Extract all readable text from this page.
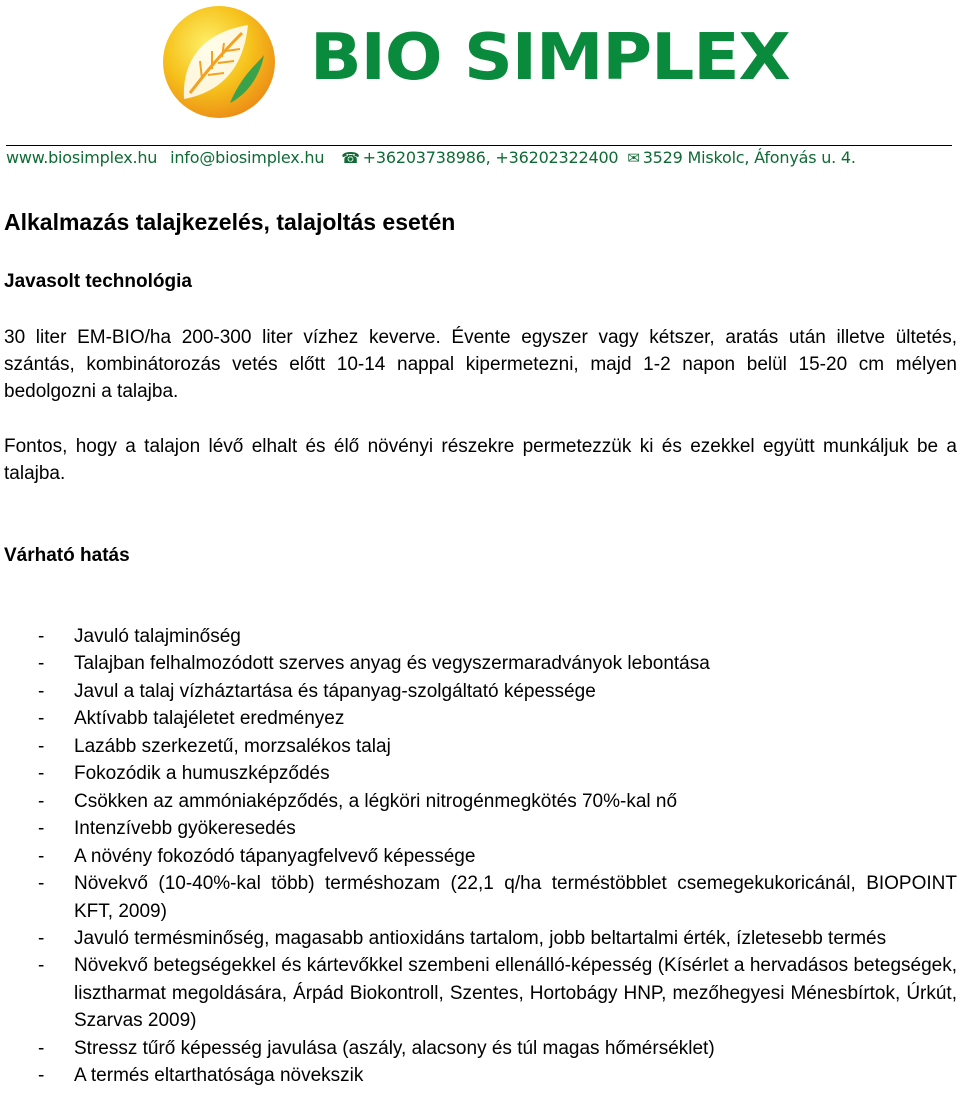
BIO SIMPLEX
www.biosimplex.hu info@biosimplex.hu ☎ +36203738986, +36202322400 ✉ 3529 Miskolc, Áfonyás u. 4.
Alkalmazás talajkezelés, talajoltás esetén
Javasolt technológia

30 liter EM-BIO/ha 200-300 liter vízhez keverve. Évente egyszer vagy kétszer, aratás után illetve ültetés, szántás, kombinátorozás vetés előtt 10-14 nappal kipermetezni, majd 1-2 napon belül 15-20 cm mélyen bedolgozni a talajba.

Fontos, hogy a talajon lévő elhalt és élő növényi részekre permetezzük ki és ezekkel együtt munkáljuk be a talajba.

Várható hatás
- Javuló talajminőség
- Talajban felhalmozódott szerves anyag és vegyszermaradványok lebontása
- Javul a talaj vízháztartása és tápanyag-szolgáltató képessége
- Aktívabb talajéletet eredményez
- Lazább szerkezetű, morzsalékos talaj
- Fokozódik a humuszképződés
- Csökken az ammóniaképződés, a légköri nitrogénmegkötés 70%-kal nő
- Intenzívebb gyökeresedés
- A növény fokozódó tápanyagfelvevő képessége
- Növekvő (10-40%-kal több) terméshozam (22,1 q/ha terméstöbblet csemegekukoricánál, BIOPOINT KFT, 2009)
- Javuló termésminőség, magasabb antioxidáns tartalom, jobb beltartalmi érték, ízletesebb termés
- Növekvő betegségekkel és kártevőkkel szembeni ellenálló-képesség (Kísérlet a hervadásos betegségek, lisztharmat megoldására, Árpád Biokontroll, Szentes, Hortobágy HNP, mezőhegyesi Ménesbírtok, Úrkút, Szarvas 2009)
- Stressz tűrő képesség javulása (aszály, alacsony és túl magas hőmérséklet)
- A termés eltarthatósága növekszik
